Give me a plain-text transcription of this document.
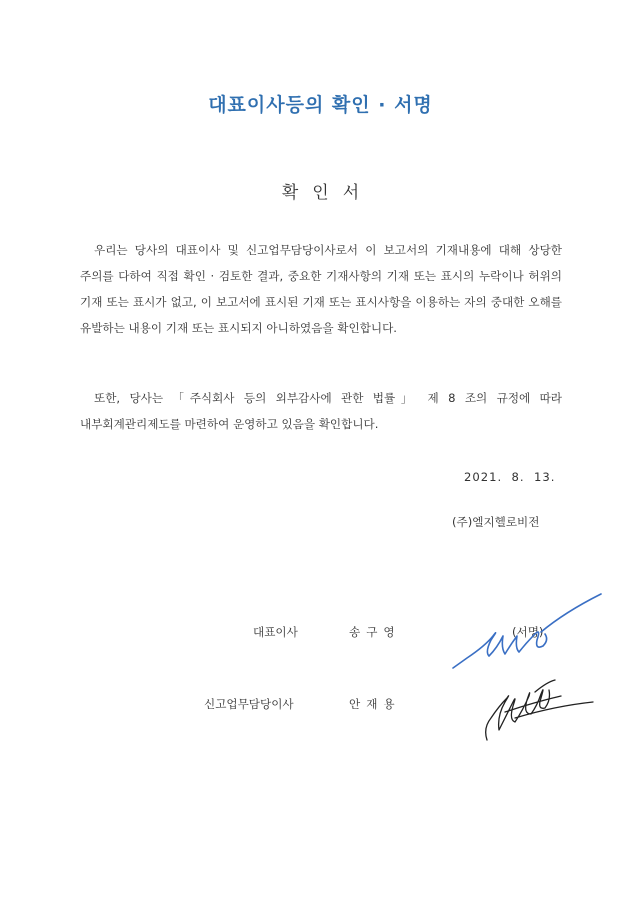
대표이사등의 확인 · 서명
확인서

우리는 당사의 대표이사 및 신고업무담당이사로서 이 보고서의 기재내용에 대해 상당한 주의를 다하여 직접 확인 · 검토한 결과, 중요한 기재사항의 기재 또는 표시의 누락이나 허위의 기재 또는 표시가 없고, 이 보고서에 표시된 기재 또는 표시사항을 이용하는 자의 중대한 오해를 유발하는 내용이 기재 또는 표시되지 아니하였음을 확인합니다.

또한, 당사는 「주식회사 등의 외부감사에 관한 법률」 제 8 조의 규정에 따라 내부회계관리제도를 마련하여 운영하고 있음을 확인합니다.

2021.  8.  13.
(주)엘지헬로비전
대표이사	송구영	(서명)
신고업무담당이사	안재용
